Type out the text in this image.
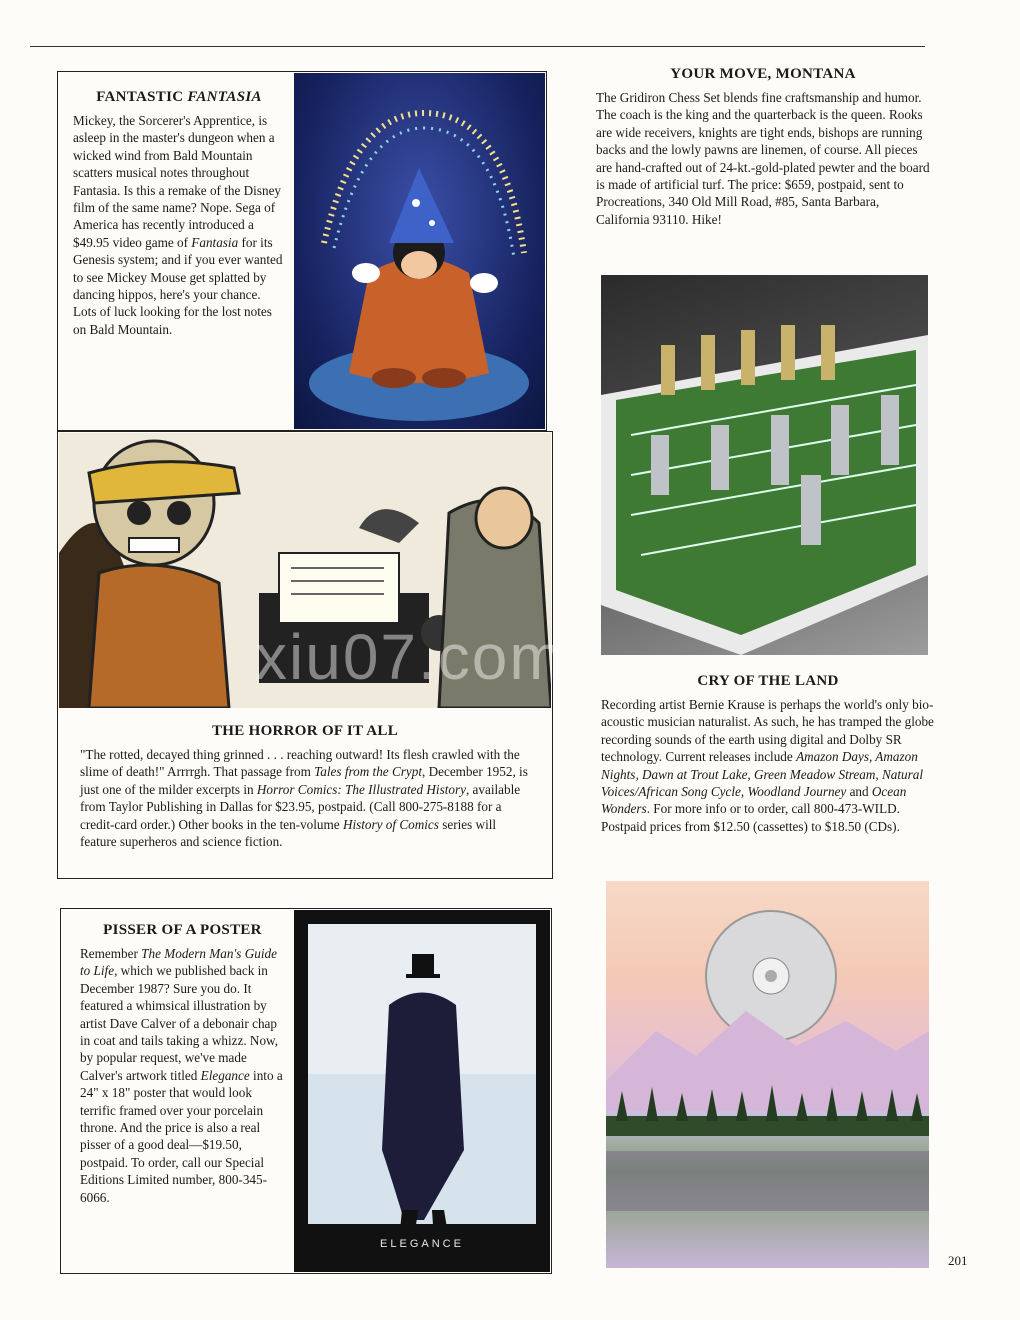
FANTASTIC FANTASIA

Mickey, the Sorcerer's Apprentice, is asleep in the master's dungeon when a wicked wind from Bald Mountain scatters musical notes throughout Fantasia. Is this a remake of the Disney film of the same name? Nope. Sega of America has recently introduced a $49.95 video game of Fantasia for its Genesis system; and if you ever wanted to see Mickey Mouse get splatted by dancing hippos, here's your chance. Lots of luck looking for the lost notes on Bald Mountain.

THE HORROR OF IT ALL

"The rotted, decayed thing grinned . . . reaching outward! Its flesh crawled with the slime of death!" Arrrrgh. That passage from Tales from the Crypt, December 1952, is just one of the milder excerpts in Horror Comics: The Illustrated History, available from Taylor Publishing in Dallas for $23.95, postpaid. (Call 800-275-8188 for a credit-card order.) Other books in the ten-volume History of Comics series will feature superheros and science fiction.

PISSER OF A POSTER

Remember The Modern Man's Guide to Life, which we published back in December 1987? Sure you do. It featured a whimsical illustration by artist Dave Calver of a debonair chap in coat and tails taking a whizz. Now, by popular request, we've made Calver's artwork titled Elegance into a 24" x 18" poster that would look terrific framed over your porcelain throne. And the price is also a real pisser of a good deal—$19.50, postpaid. To order, call our Special Editions Limited number, 800-345-6066.

ELEGANCE
YOUR MOVE, MONTANA

The Gridiron Chess Set blends fine craftsmanship and humor. The coach is the king and the quarterback is the queen. Rooks are wide receivers, knights are tight ends, bishops are running backs and the lowly pawns are linemen, of course. All pieces are hand-crafted out of 24-kt.-gold-plated pewter and the board is made of artificial turf. The price: $659, postpaid, sent to Procreations, 340 Old Mill Road, #85, Santa Barbara, California 93110. Hike!

CRY OF THE LAND

Recording artist Bernie Krause is perhaps the world's only bio-acoustic musician naturalist. As such, he has tramped the globe recording sounds of the earth using digital and Dolby SR technology. Current releases include Amazon Days, Amazon Nights, Dawn at Trout Lake, Green Meadow Stream, Natural Voices/African Song Cycle, Woodland Journey and Ocean Wonders. For more info or to order, call 800-473-WILD. Postpaid prices from $12.50 (cassettes) to $18.50 (CDs).

xiu07.com
201
